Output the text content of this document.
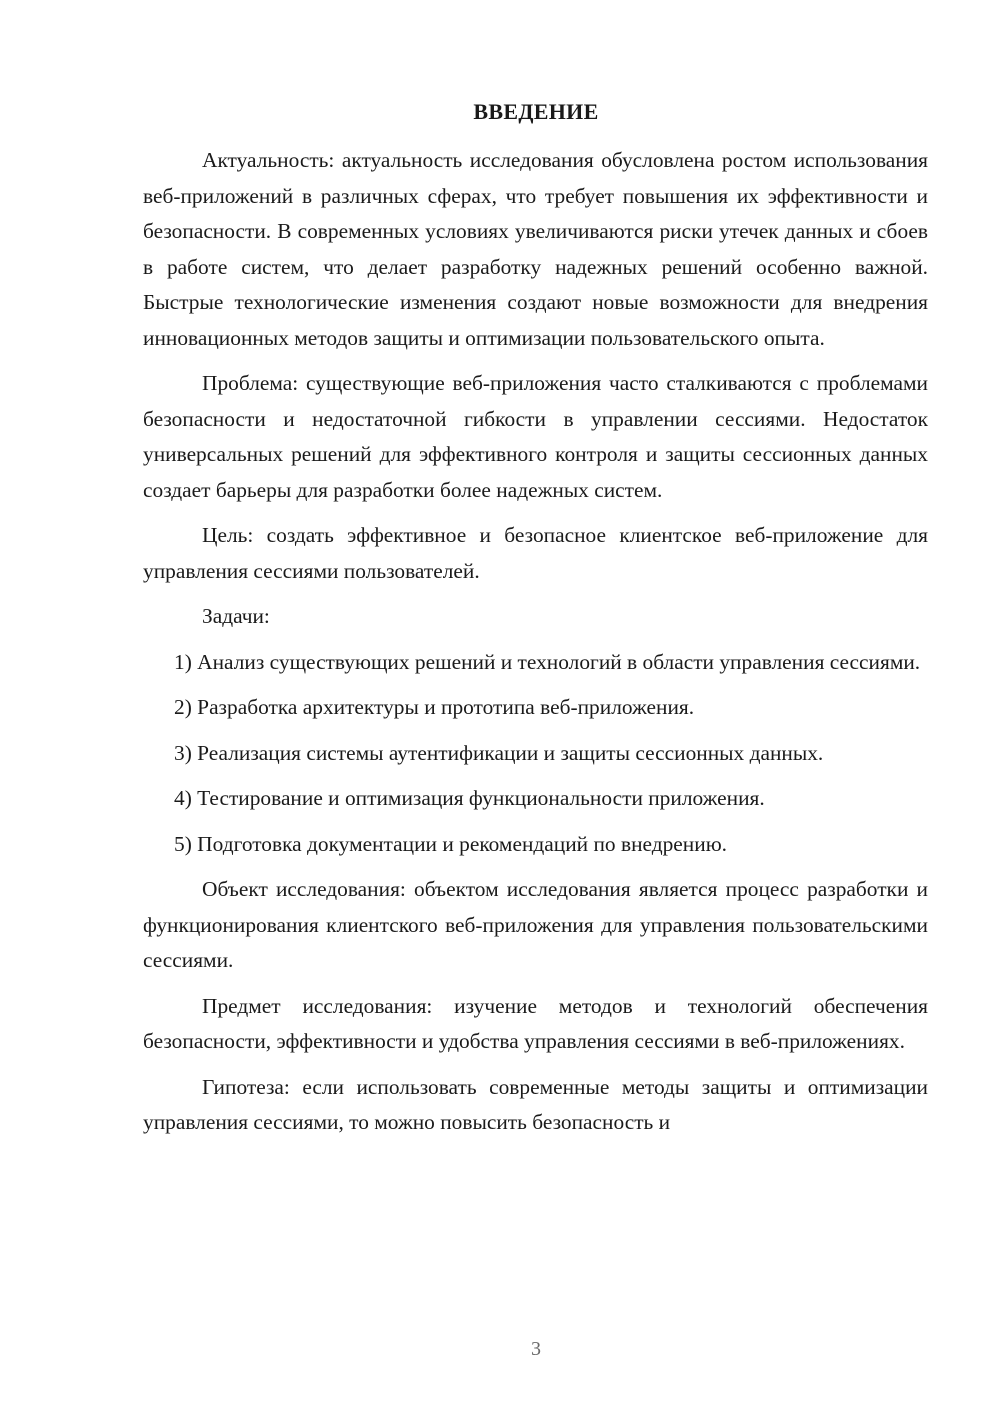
ВВЕДЕНИЕ

Актуальность: актуальность исследования обусловлена ростом использования веб-приложений в различных сферах, что требует повышения их эффективности и безопасности. В современных условиях увеличиваются риски утечек данных и сбоев в работе систем, что делает разработку надежных решений особенно важной. Быстрые технологические изменения создают новые возможности для внедрения инновационных методов защиты и оптимизации пользовательского опыта.

Проблема: существующие веб-приложения часто сталкиваются с проблемами безопасности и недостаточной гибкости в управлении сессиями. Недостаток универсальных решений для эффективного контроля и защиты сессионных данных создает барьеры для разработки более надежных систем.

Цель: создать эффективное и безопасное клиентское веб-приложение для управления сессиями пользователей.

Задачи:

1) Анализ существующих решений и технологий в области управления сессиями.

2) Разработка архитектуры и прототипа веб-приложения.

3) Реализация системы аутентификации и защиты сессионных данных.

4) Тестирование и оптимизация функциональности приложения.

5) Подготовка документации и рекомендаций по внедрению.

Объект исследования: объектом исследования является процесс разработки и функционирования клиентского веб-приложения для управления пользовательскими сессиями.

Предмет исследования: изучение методов и технологий обеспечения безопасности, эффективности и удобства управления сессиями в веб-приложениях.

Гипотеза: если использовать современные методы защиты и оптимизации управления сессиями, то можно повысить безопасность и

3
